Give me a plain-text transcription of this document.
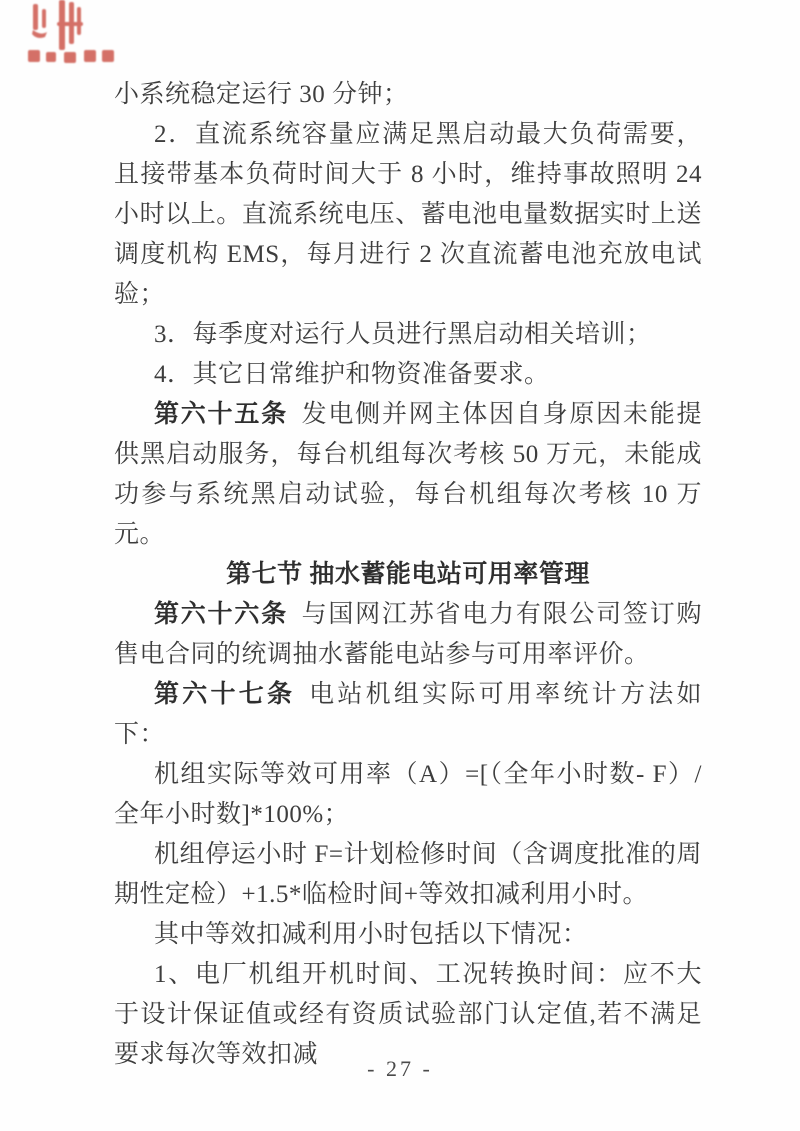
小系统稳定运行 30 分钟；

2．直流系统容量应满足黑启动最大负荷需要，且接带基本负荷时间大于 8 小时，维持事故照明 24 小时以上。直流系统电压、蓄电池电量数据实时上送调度机构 EMS，每月进行 2 次直流蓄电池充放电试验；

3．每季度对运行人员进行黑启动相关培训；

4．其它日常维护和物资准备要求。

第六十五条 发电侧并网主体因自身原因未能提供黑启动服务，每台机组每次考核 50 万元，未能成功参与系统黑启动试验，每台机组每次考核 10 万元。

第七节 抽水蓄能电站可用率管理

第六十六条 与国网江苏省电力有限公司签订购售电合同的统调抽水蓄能电站参与可用率评价。

第六十七条 电站机组实际可用率统计方法如下：

机组实际等效可用率（A）=[（全年小时数- F）/全年小时数]*100%；

机组停运小时 F=计划检修时间（含调度批准的周期性定检）+1.5*临检时间+等效扣减利用小时。

其中等效扣减利用小时包括以下情况：

1、电厂机组开机时间、工况转换时间：应不大于设计保证值或经有资质试验部门认定值,若不满足要求每次等效扣减

- 27 -
